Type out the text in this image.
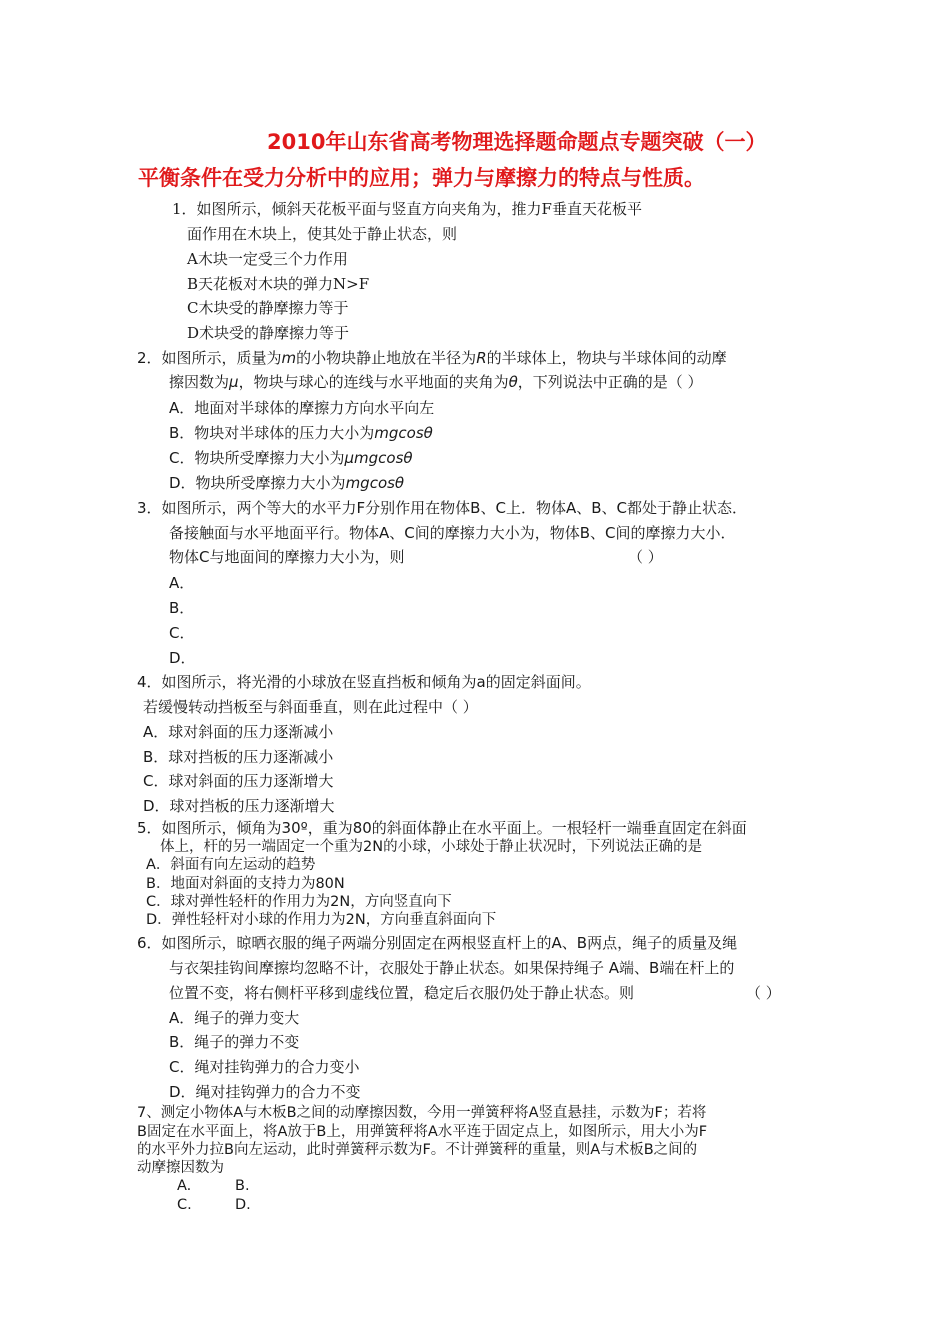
2010年山东省高考物理选择题命题点专题突破（一）
平衡条件在受力分析中的应用；弹力与摩擦力的特点与性质。
1．如图所示，倾斜天花板平面与竖直方向夹角为，推力F垂直天花板平
面作用在木块上，使其处于静止状态，则
A木块一定受三个力作用
B天花板对木块的弹力N>F
C木块受的静摩擦力等于
D术块受的静摩擦力等于
2．如图所示，质量为m的小物块静止地放在半径为R的半球体上，物块与半球体间的动摩
擦因数为μ，物块与球心的连线与水平地面的夹角为θ，下列说法中正确的是（ ）
A．地面对半球体的摩擦力方向水平向左
B．物块对半球体的压力大小为mgcosθ
C．物块所受摩擦力大小为μmgcosθ
D．物块所受摩擦力大小为mgcosθ
3．如图所示，两个等大的水平力F分别作用在物体B、C上．物体A、B、C都处于静止状态．
备接触面与水平地面平行。物体A、C间的摩擦力大小为，物体B、C间的摩擦力大小．
物体C与地面间的摩擦力大小为，则	（ ）
A．
B．
C．
D．
4．如图所示，将光滑的小球放在竖直挡板和倾角为a的固定斜面间。
若缓慢转动挡板至与斜面垂直，则在此过程中（ ）
A．球对斜面的压力逐渐减小
B．球对挡板的压力逐渐减小
C．球对斜面的压力逐渐增大
D．球对挡板的压力逐渐增大
5．如图所示，倾角为30º，重为80的斜面体静止在水平面上。一根轻杆一端垂直固定在斜面
体上，杆的另一端固定一个重为2N的小球，小球处于静止状况时，下列说法正确的是
A．斜面有向左运动的趋势
B．地面对斜面的支持力为80N
C．球对弹性轻杆的作用力为2N，方向竖直向下
D．弹性轻杆对小球的作用力为2N，方向垂直斜面向下
6．如图所示，晾晒衣服的绳子两端分别固定在两根竖直杆上的A、B两点，绳子的质量及绳
与衣架挂钩间摩擦均忽略不计，衣服处于静止状态。如果保持绳子 A端、B端在杆上的
位置不变，将右侧杆平移到虚线位置，稳定后衣服仍处于静止状态。则	（ ）
A．绳子的弹力变大
B．绳子的弹力不变
C．绳对挂钩弹力的合力变小
D．绳对挂钩弹力的合力不变
7、测定小物体A与木板B之间的动摩擦因数，今用一弹簧秤将A竖直悬挂，示数为F；若将
B固定在水平面上，将A放于B上，用弹簧秤将A水平连于固定点上，如图所示，用大小为F
的水平外力拉B向左运动，此时弹簧秤示数为F。不计弹簧秤的重量，则A与术板B之间的
动摩擦因数为
A.	B.
C.	D.
